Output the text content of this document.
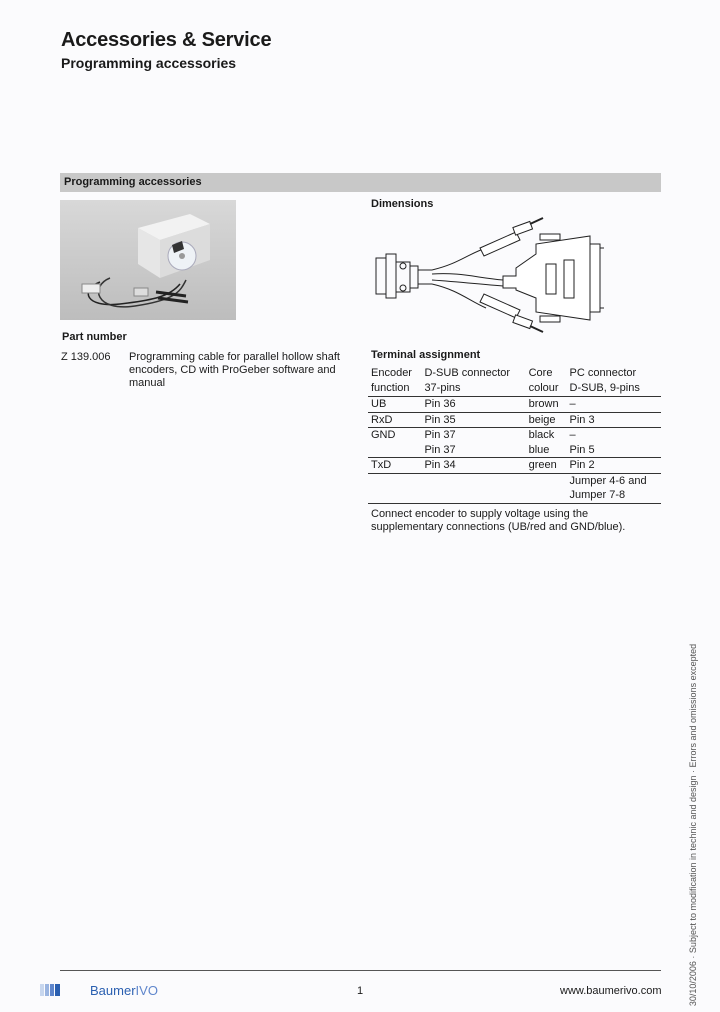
Accessories & Service
Programming accessories
Programming accessories
Part number
Z 139.006 Programming cable for parallel hollow shaft encoders, CD with ProGeber software and manual
Dimensions
Terminal assignment
Encoder	D-SUB connector	Core	PC connector
function	37-pins	colour	D-SUB, 9-pins
UB	Pin 36	brown	–
RxD	Pin 35	beige	Pin 3
GND	Pin 37	black	–
	Pin 37	blue	Pin 5
TxD	Pin 34	green	Pin 2
			Jumper 4-6 and
			Jumper 7-8
Connect encoder to supply voltage using the supplementary connections (UB/red and GND/blue).
30/10/2006 · Subject to modification in technic and design · Errors and omissions excepted
BaumerIVO	1	www.baumerivo.com
